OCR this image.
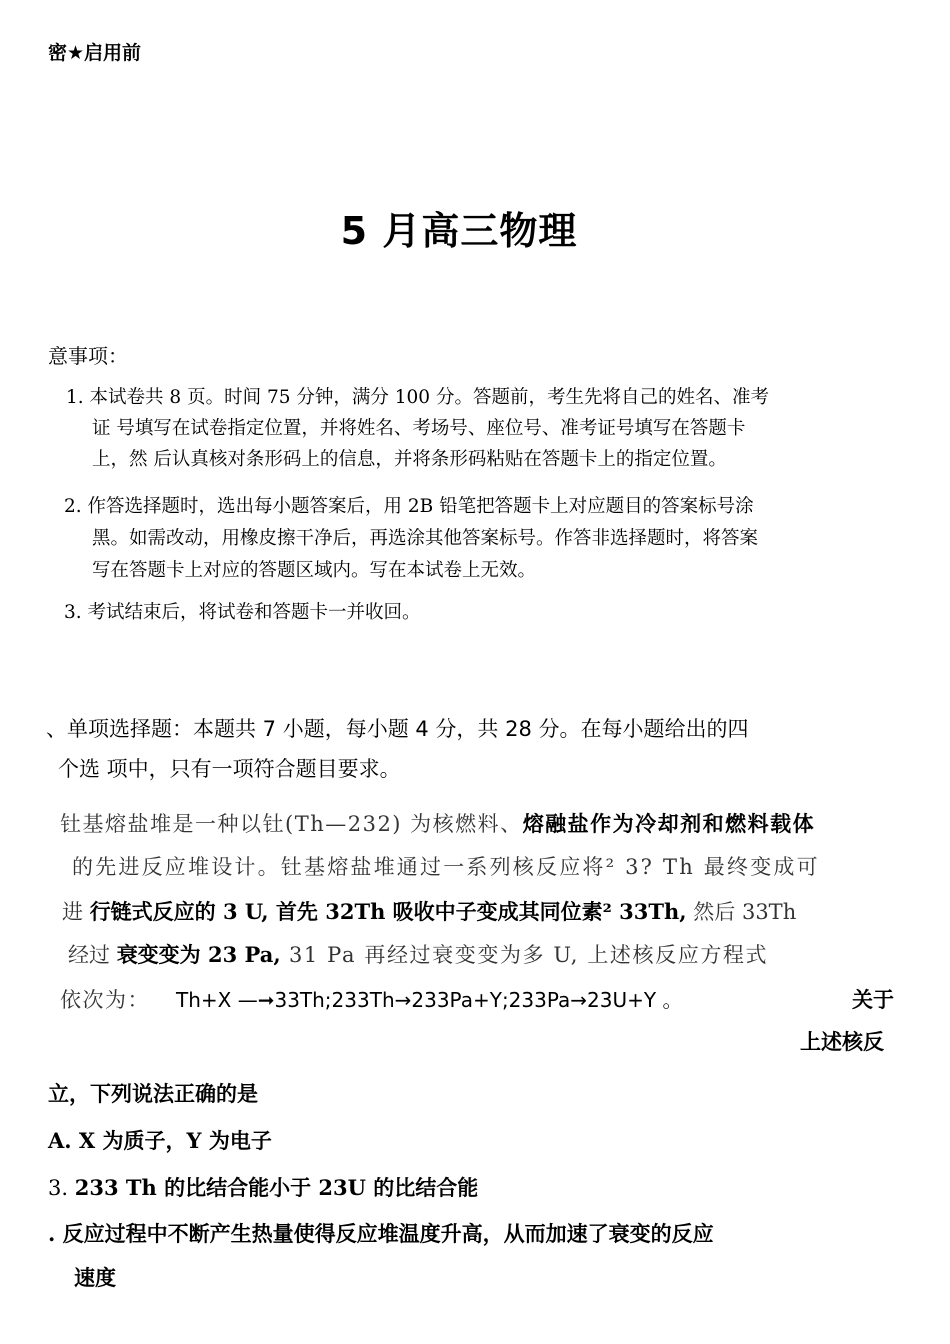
密★启用前
5 月高三物理
意事项：
1. 本试卷共 8 页。时间 75 分钟，满分 100 分。答题前，考生先将自己的姓名、准考
证 号填写在试卷指定位置，并将姓名、考场号、座位号、准考证号填写在答题卡
上，然 后认真核对条形码上的信息，并将条形码粘贴在答题卡上的指定位置。
2. 作答选择题时，选出每小题答案后，用 2B 铅笔把答题卡上对应题目的答案标号涂
黑。如需改动，用橡皮擦干净后，再选涂其他答案标号。作答非选择题时，将答案
写在答题卡上对应的答题区域内。写在本试卷上无效。
3. 考试结束后，将试卷和答题卡一并收回。
、单项选择题：本题共 7 小题，每小题 4 分，共 28 分。在每小题给出的四
个选 项中，只有一项符合题目要求。
钍基熔盐堆是一种以钍(Th—232) 为核燃料、熔融盐作为冷却剂和燃料载体
的先进反应堆设计。钍基熔盐堆通过一系列核反应将² 3? Th 最终变成可
进 行链式反应的 3 U, 首先 32Th 吸收中子变成其同位素² 33Th, 然后 33Th
经过 衰变变为 23 Pa, 31 Pa 再经过衰变变为多 U, 上述核反应方程式
依次为： Th+X —➞33Th;233Th→233Pa+Y;233Pa→23U+Y 。	关于
上述核反
立，下列说法正确的是
A. X 为质子，Y 为电子
3. 233 Th 的比结合能小于 23U 的比结合能
. 反应过程中不断产生热量使得反应堆温度升高，从而加速了衰变的反应
速度
